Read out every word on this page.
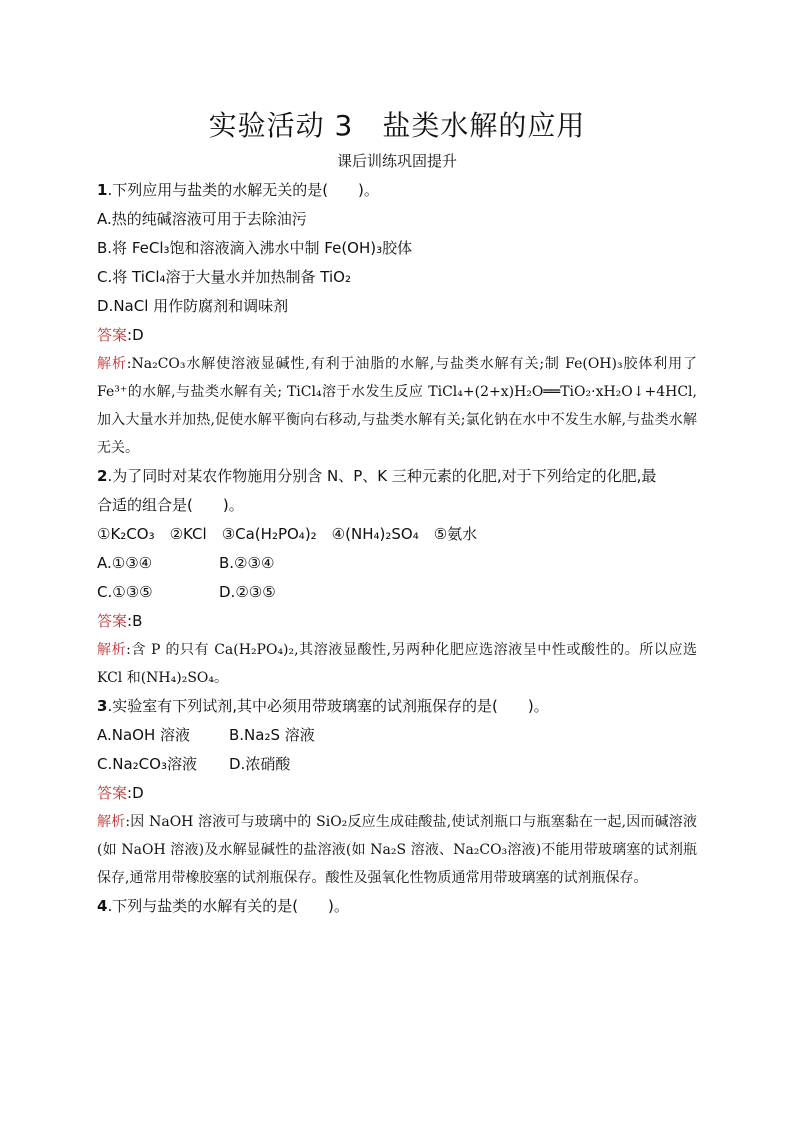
实验活动 3　盐类水解的应用
课后训练巩固提升
1.下列应用与盐类的水解无关的是(　　)。
A.热的纯碱溶液可用于去除油污
B.将 FeCl₃饱和溶液滴入沸水中制 Fe(OH)₃胶体
C.将 TiCl₄溶于大量水并加热制备 TiO₂
D.NaCl 用作防腐剂和调味剂
答案:D
解析:Na₂CO₃水解使溶液显碱性,有利于油脂的水解,与盐类水解有关;制 Fe(OH)₃胶体利用了 Fe³⁺的水解,与盐类水解有关; TiCl₄溶于水发生反应 TiCl₄+(2+x)H₂O══TiO₂·xH₂O↓+4HCl,加入大量水并加热,促使水解平衡向右移动,与盐类水解有关;氯化钠在水中不发生水解,与盐类水解无关。
2.为了同时对某农作物施用分别含 N、P、K 三种元素的化肥,对于下列给定的化肥,最
合适的组合是(　　)。
①K₂CO₃　②KCl　③Ca(H₂PO₄)₂　④(NH₄)₂SO₄　⑤氨水
A.①③④	B.②③④
C.①③⑤	D.②③⑤
答案:B
解析:含 P 的只有 Ca(H₂PO₄)₂,其溶液显酸性,另两种化肥应选溶液呈中性或酸性的。所以应选 KCl 和(NH₄)₂SO₄。
3.实验室有下列试剂,其中必须用带玻璃塞的试剂瓶保存的是(　　)。
A.NaOH 溶液	B.Na₂S 溶液
C.Na₂CO₃溶液 D.浓硝酸
答案:D
解析:因 NaOH 溶液可与玻璃中的 SiO₂反应生成硅酸盐,使试剂瓶口与瓶塞黏在一起,因而碱溶液(如 NaOH 溶液)及水解显碱性的盐溶液(如 Na₂S 溶液、Na₂CO₃溶液)不能用带玻璃塞的试剂瓶保存,通常用带橡胶塞的试剂瓶保存。酸性及强氧化性物质通常用带玻璃塞的试剂瓶保存。
4.下列与盐类的水解有关的是(　　)。
